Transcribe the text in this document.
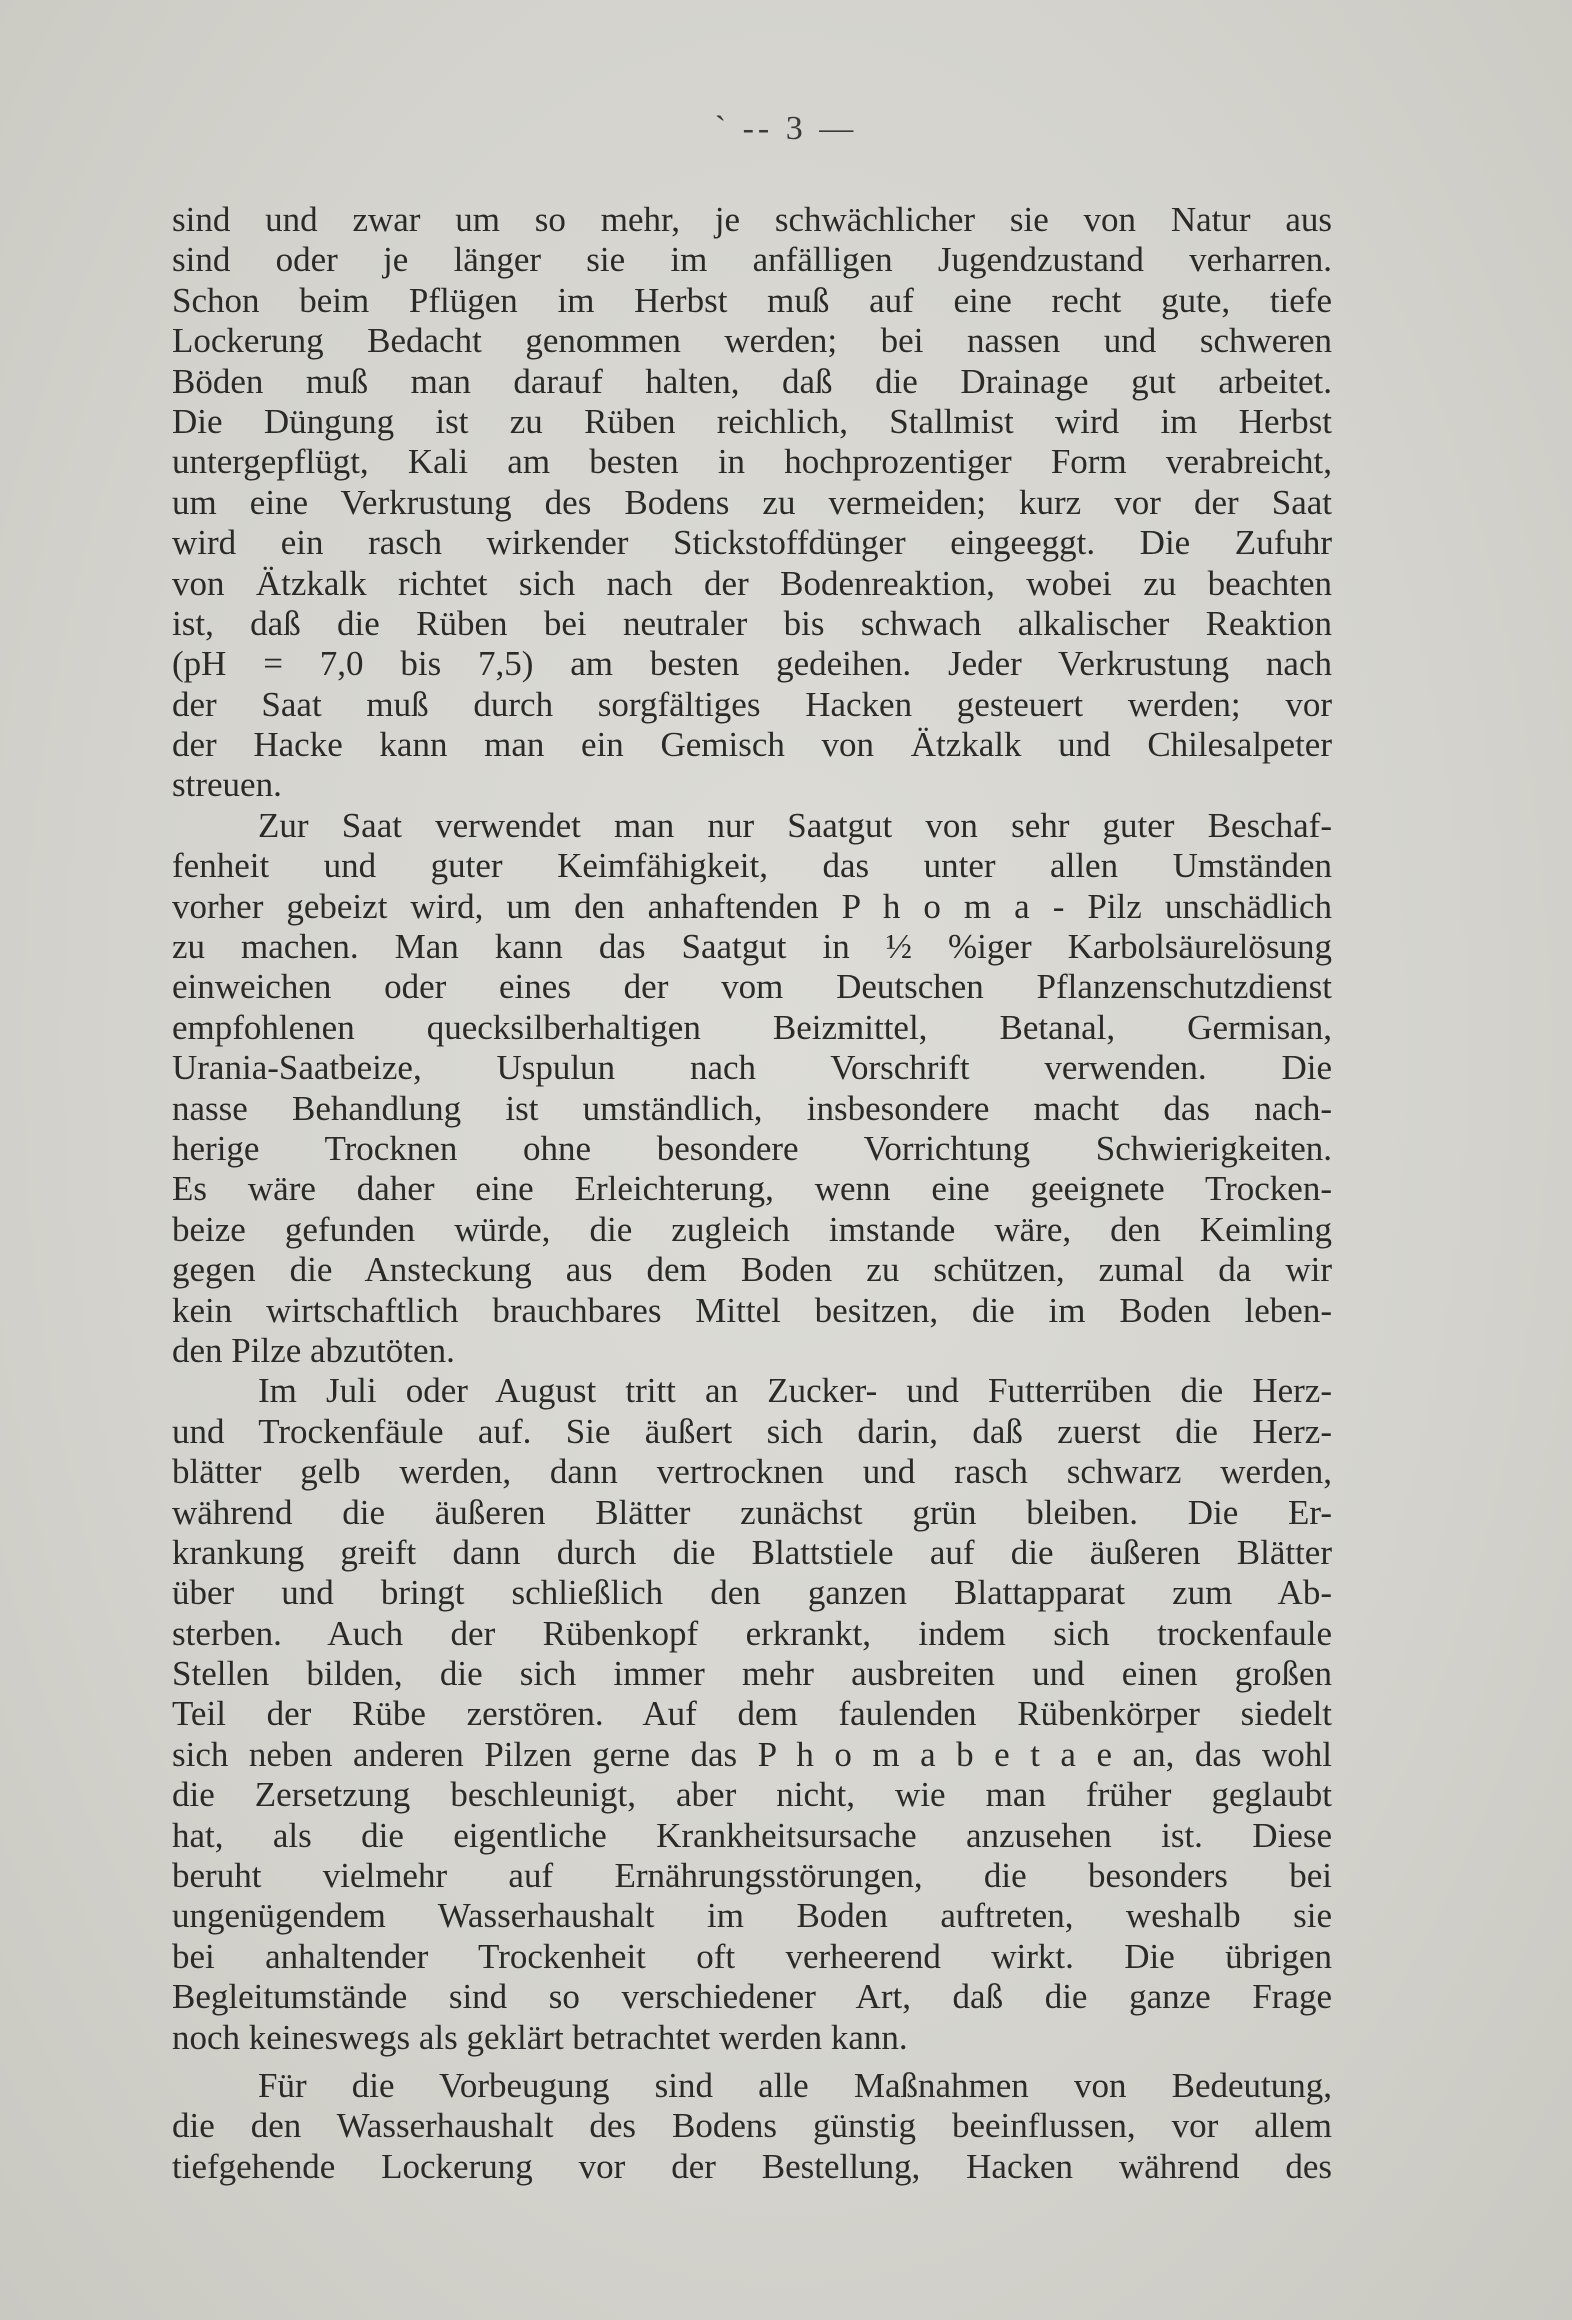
` -- 3 —
sind und zwar um so mehr, je schwächlicher sie von Natur aus
sind oder je länger sie im anfälligen Jugendzustand verharren.
Schon beim Pflügen im Herbst muß auf eine recht gute, tiefe
Lockerung Bedacht genommen werden; bei nassen und schweren
Böden muß man darauf halten, daß die Drainage gut arbeitet.
Die Düngung ist zu Rüben reichlich, Stallmist wird im Herbst
untergepflügt, Kali am besten in hochprozentiger Form verabreicht,
um eine Verkrustung des Bodens zu vermeiden; kurz vor der Saat
wird ein rasch wirkender Stickstoffdünger eingeeggt. Die Zufuhr
von Ätzkalk richtet sich nach der Bodenreaktion, wobei zu beachten
ist, daß die Rüben bei neutraler bis schwach alkalischer Reaktion
(pH = 7,0 bis 7,5) am besten gedeihen. Jeder Verkrustung nach
der Saat muß durch sorgfältiges Hacken gesteuert werden; vor
der Hacke kann man ein Gemisch von Ätzkalk und Chilesalpeter
streuen.
Zur Saat verwendet man nur Saatgut von sehr guter Beschaf-
fenheit und guter Keimfähigkeit, das unter allen Umständen
vorher gebeizt wird, um den anhaftenden P h o m a - Pilz unschädlich
zu machen. Man kann das Saatgut in ½ %iger Karbolsäurelösung
einweichen oder eines der vom Deutschen Pflanzenschutzdienst
empfohlenen quecksilberhaltigen Beizmittel, Betanal, Germisan,
Urania-Saatbeize, Uspulun nach Vorschrift verwenden. Die
nasse Behandlung ist umständlich, insbesondere macht das nach-
herige Trocknen ohne besondere Vorrichtung Schwierigkeiten.
Es wäre daher eine Erleichterung, wenn eine geeignete Trocken-
beize gefunden würde, die zugleich imstande wäre, den Keimling
gegen die Ansteckung aus dem Boden zu schützen, zumal da wir
kein wirtschaftlich brauchbares Mittel besitzen, die im Boden leben-
den Pilze abzutöten.
Im Juli oder August tritt an Zucker- und Futterrüben die Herz-
und Trockenfäule auf. Sie äußert sich darin, daß zuerst die Herz-
blätter gelb werden, dann vertrocknen und rasch schwarz werden,
während die äußeren Blätter zunächst grün bleiben. Die Er-
krankung greift dann durch die Blattstiele auf die äußeren Blätter
über und bringt schließlich den ganzen Blattapparat zum Ab-
sterben. Auch der Rübenkopf erkrankt, indem sich trockenfaule
Stellen bilden, die sich immer mehr ausbreiten und einen großen
Teil der Rübe zerstören. Auf dem faulenden Rübenkörper siedelt
sich neben anderen Pilzen gerne das P h o m a b e t a e an, das wohl
die Zersetzung beschleunigt, aber nicht, wie man früher geglaubt
hat, als die eigentliche Krankheitsursache anzusehen ist. Diese
beruht vielmehr auf Ernährungsstörungen, die besonders bei
ungenügendem Wasserhaushalt im Boden auftreten, weshalb sie
bei anhaltender Trockenheit oft verheerend wirkt. Die übrigen
Begleitumstände sind so verschiedener Art, daß die ganze Frage
noch keineswegs als geklärt betrachtet werden kann.
Für die Vorbeugung sind alle Maßnahmen von Bedeutung,
die den Wasserhaushalt des Bodens günstig beeinflussen, vor allem
tiefgehende Lockerung vor der Bestellung, Hacken während des
